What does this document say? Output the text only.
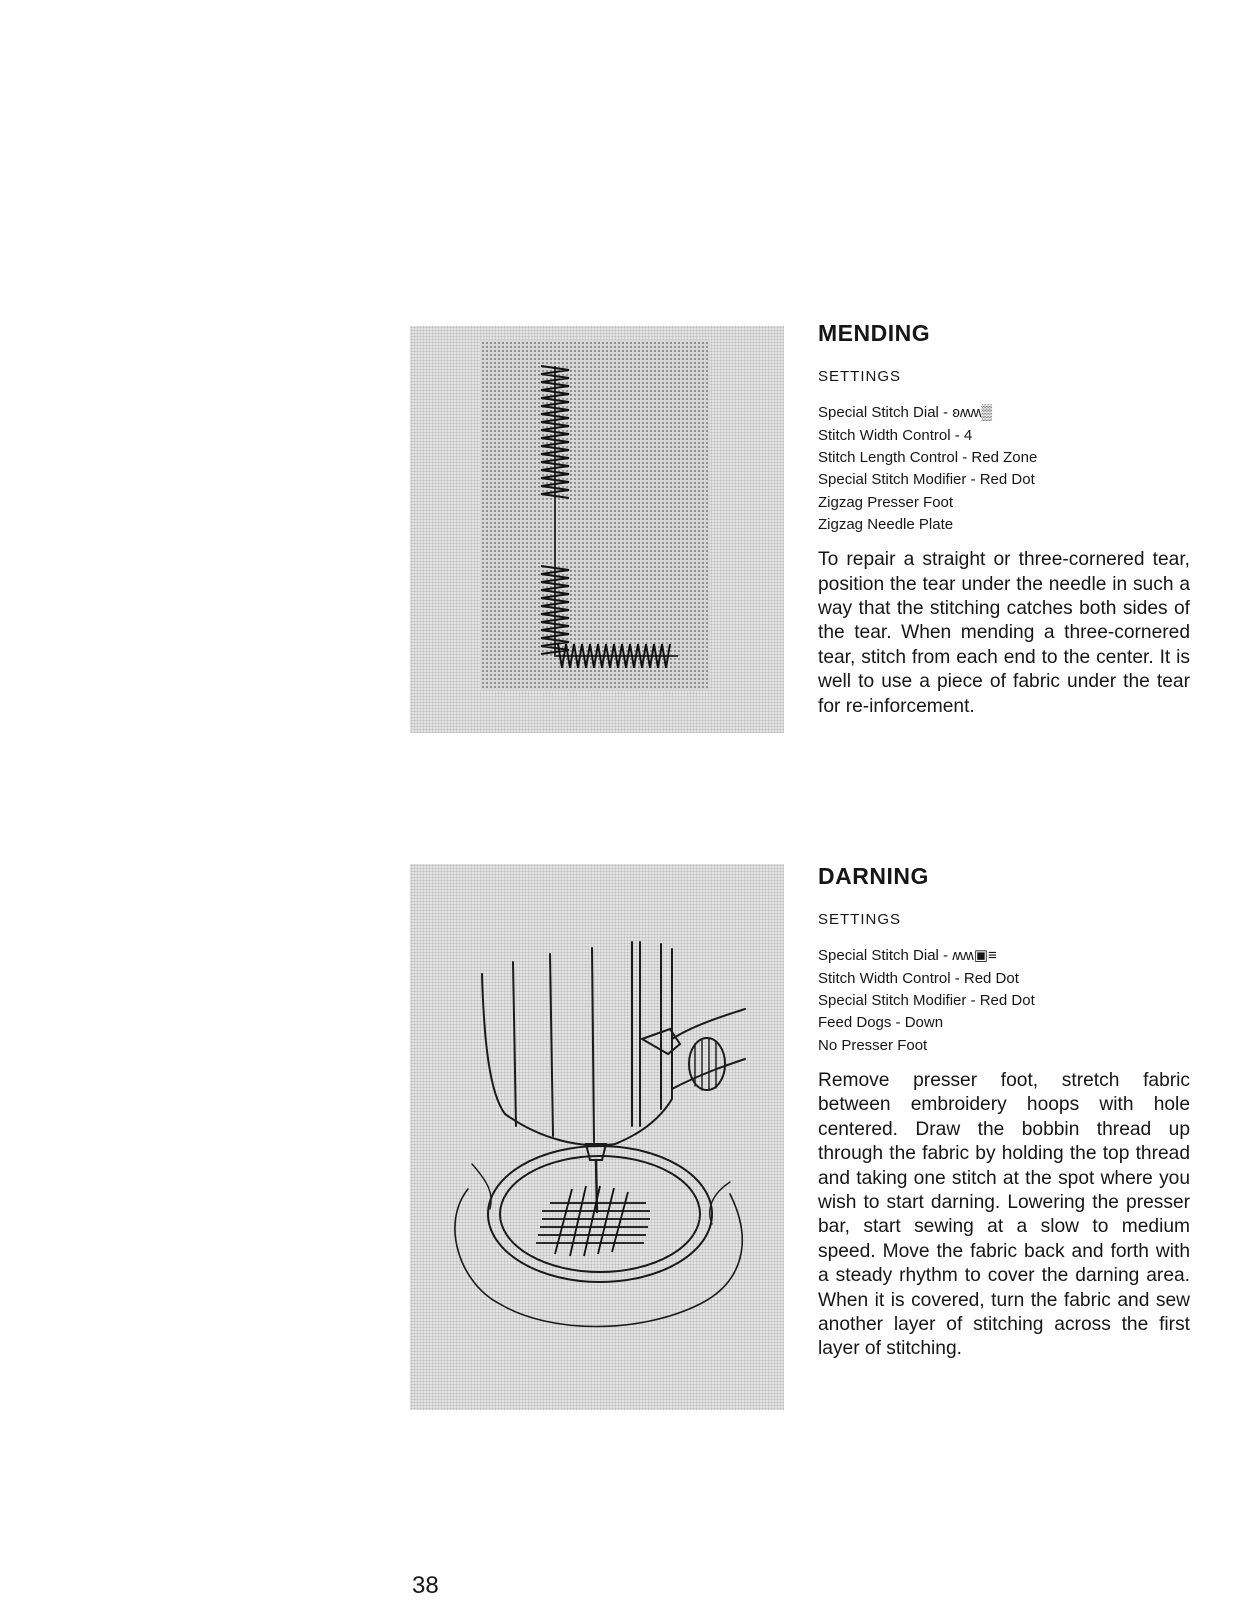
MENDING
SETTINGS
Special Stitch Dial - ʚʍʍ▒
Stitch Width Control - 4
Stitch Length Control - Red Zone
Special Stitch Modifier - Red Dot
Zigzag Presser Foot
Zigzag Needle Plate

To repair a straight or three-cornered tear, position the tear under the needle in such a way that the stitching catches both sides of the tear. When mending a three-cornered tear, stitch from each end to the center. It is well to use a piece of fabric under the tear for re-inforcement.

DARNING
SETTINGS
Special Stitch Dial - ʍʍ▣≡
Stitch Width Control - Red Dot
Special Stitch Modifier - Red Dot
Feed Dogs - Down
No Presser Foot

Remove presser foot, stretch fabric between embroidery hoops with hole centered. Draw the bobbin thread up through the fabric by holding the top thread and taking one stitch at the spot where you wish to start darning. Lowering the presser bar, start sewing at a slow to medium speed. Move the fabric back and forth with a steady rhythm to cover the darning area. When it is covered, turn the fabric and sew another layer of stitching across the first layer of stitching.

38
